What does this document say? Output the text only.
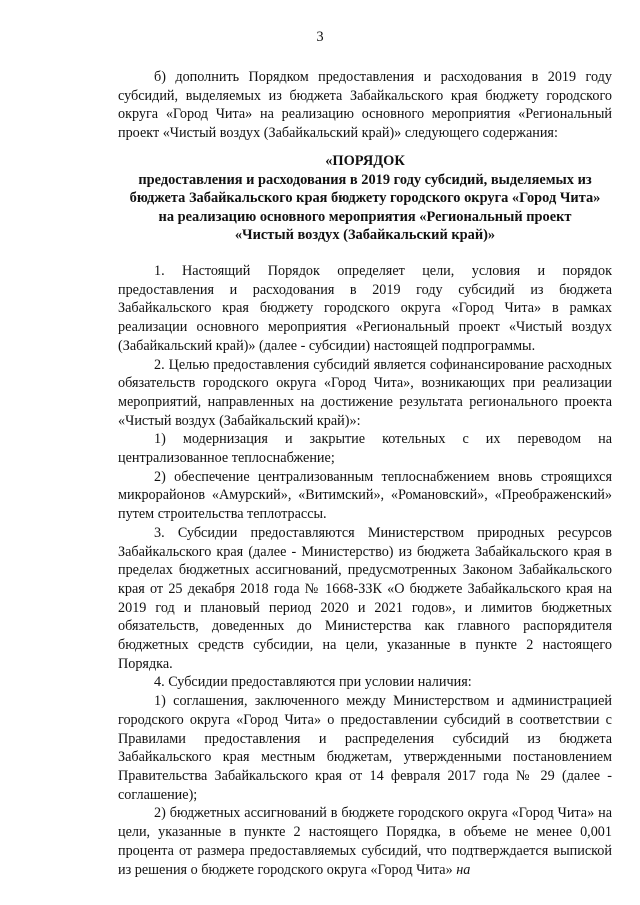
3

б) дополнить Порядком предоставления и расходования в 2019 году субсидий, выделяемых из бюджета Забайкальского края бюджету городского округа «Город Чита» на реализацию основного мероприятия «Региональный проект «Чистый воздух (Забайкальский край)» следующего содержания:

«ПОРЯДОК
предоставления и расходования в 2019 году субсидий, выделяемых из
бюджета Забайкальского края бюджету городского округа «Город Чита»
на реализацию основного мероприятия «Региональный проект
«Чистый воздух (Забайкальский край)»

1. Настоящий Порядок определяет цели, условия и порядок предоставления и расходования в 2019 году субсидий из бюджета Забайкальского края бюджету городского округа «Город Чита» в рамках реализации основного мероприятия «Региональный проект «Чистый воздух (Забайкальский край)» (далее - субсидии) настоящей подпрограммы.

2. Целью предоставления субсидий является софинансирование расходных обязательств городского округа «Город Чита», возникающих при реализации мероприятий, направленных на достижение результата регионального проекта «Чистый воздух (Забайкальский край)»:

1) модернизация и закрытие котельных с их переводом на централизованное теплоснабжение;

2) обеспечение централизованным теплоснабжением вновь строящихся микрорайонов «Амурский», «Витимский», «Романовский», «Преображенский» путем строительства теплотрассы.

3. Субсидии предоставляются Министерством природных ресурсов Забайкальского края (далее - Министерство) из бюджета Забайкальского края в пределах бюджетных ассигнований, предусмотренных Законом Забайкальского края от 25 декабря 2018 года № 1668-ЗЗК «О бюджете Забайкальского края на 2019 год и плановый период 2020 и 2021 годов», и лимитов бюджетных обязательств, доведенных до Министерства как главного распорядителя бюджетных средств субсидии, на цели, указанные в пункте 2 настоящего Порядка.

4. Субсидии предоставляются при условии наличия:

1) соглашения, заключенного между Министерством и администрацией городского округа «Город Чита» о предоставлении субсидий в соответствии с Правилами предоставления и распределения субсидий из бюджета Забайкальского края местным бюджетам, утвержденными постановлением Правительства Забайкальского края от 14 февраля 2017 года № 29 (далее - соглашение);

2) бюджетных ассигнований в бюджете городского округа «Город Чита» на цели, указанные в пункте 2 настоящего Порядка, в объеме не менее 0,001 процента от размера предоставляемых субсидий, что подтверждается выпиской из решения о бюджете городского округа «Город Чита» на
